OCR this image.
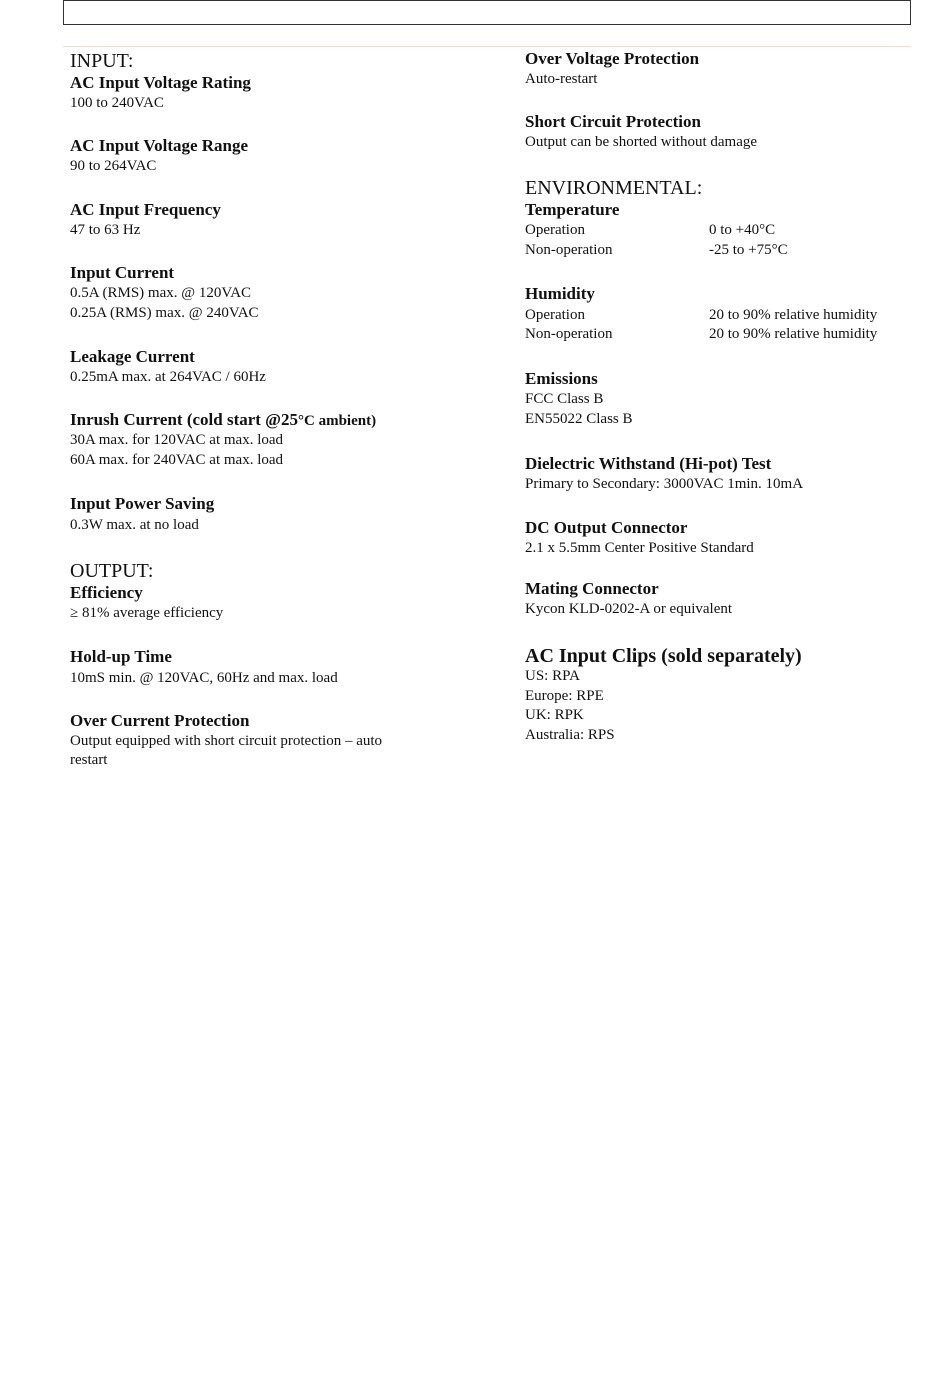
INPUT:
AC Input Voltage Rating
100 to 240VAC
AC Input Voltage Range
90 to 264VAC
AC Input Frequency
47 to 63 Hz
Input Current
0.5A (RMS) max. @ 120VAC
0.25A (RMS) max. @ 240VAC
Leakage Current
0.25mA max. at 264VAC / 60Hz
Inrush Current (cold start @25°C ambient)
30A max. for 120VAC at max. load
60A max. for 240VAC at max. load
Input Power Saving
0.3W max. at no load
OUTPUT:
Efficiency
≥ 81% average efficiency
Hold-up Time
10mS min. @ 120VAC, 60Hz and max. load
Over Current Protection
Output equipped with short circuit protection – auto
restart
Over Voltage Protection
Auto-restart
Short Circuit Protection
Output can be shorted without damage
ENVIRONMENTAL:
Temperature
Operation	0 to +40°C
Non-operation	-25 to +75°C
Humidity
Operation	20 to 90% relative humidity
Non-operation	20 to 90% relative humidity
Emissions
FCC Class B
EN55022 Class B
Dielectric Withstand (Hi-pot) Test
Primary to Secondary: 3000VAC 1min. 10mA
DC Output Connector
2.1 x 5.5mm Center Positive Standard
Mating Connector
Kycon KLD-0202-A or equivalent
AC Input Clips (sold separately)
US: RPA
Europe: RPE
UK: RPK
Australia: RPS
